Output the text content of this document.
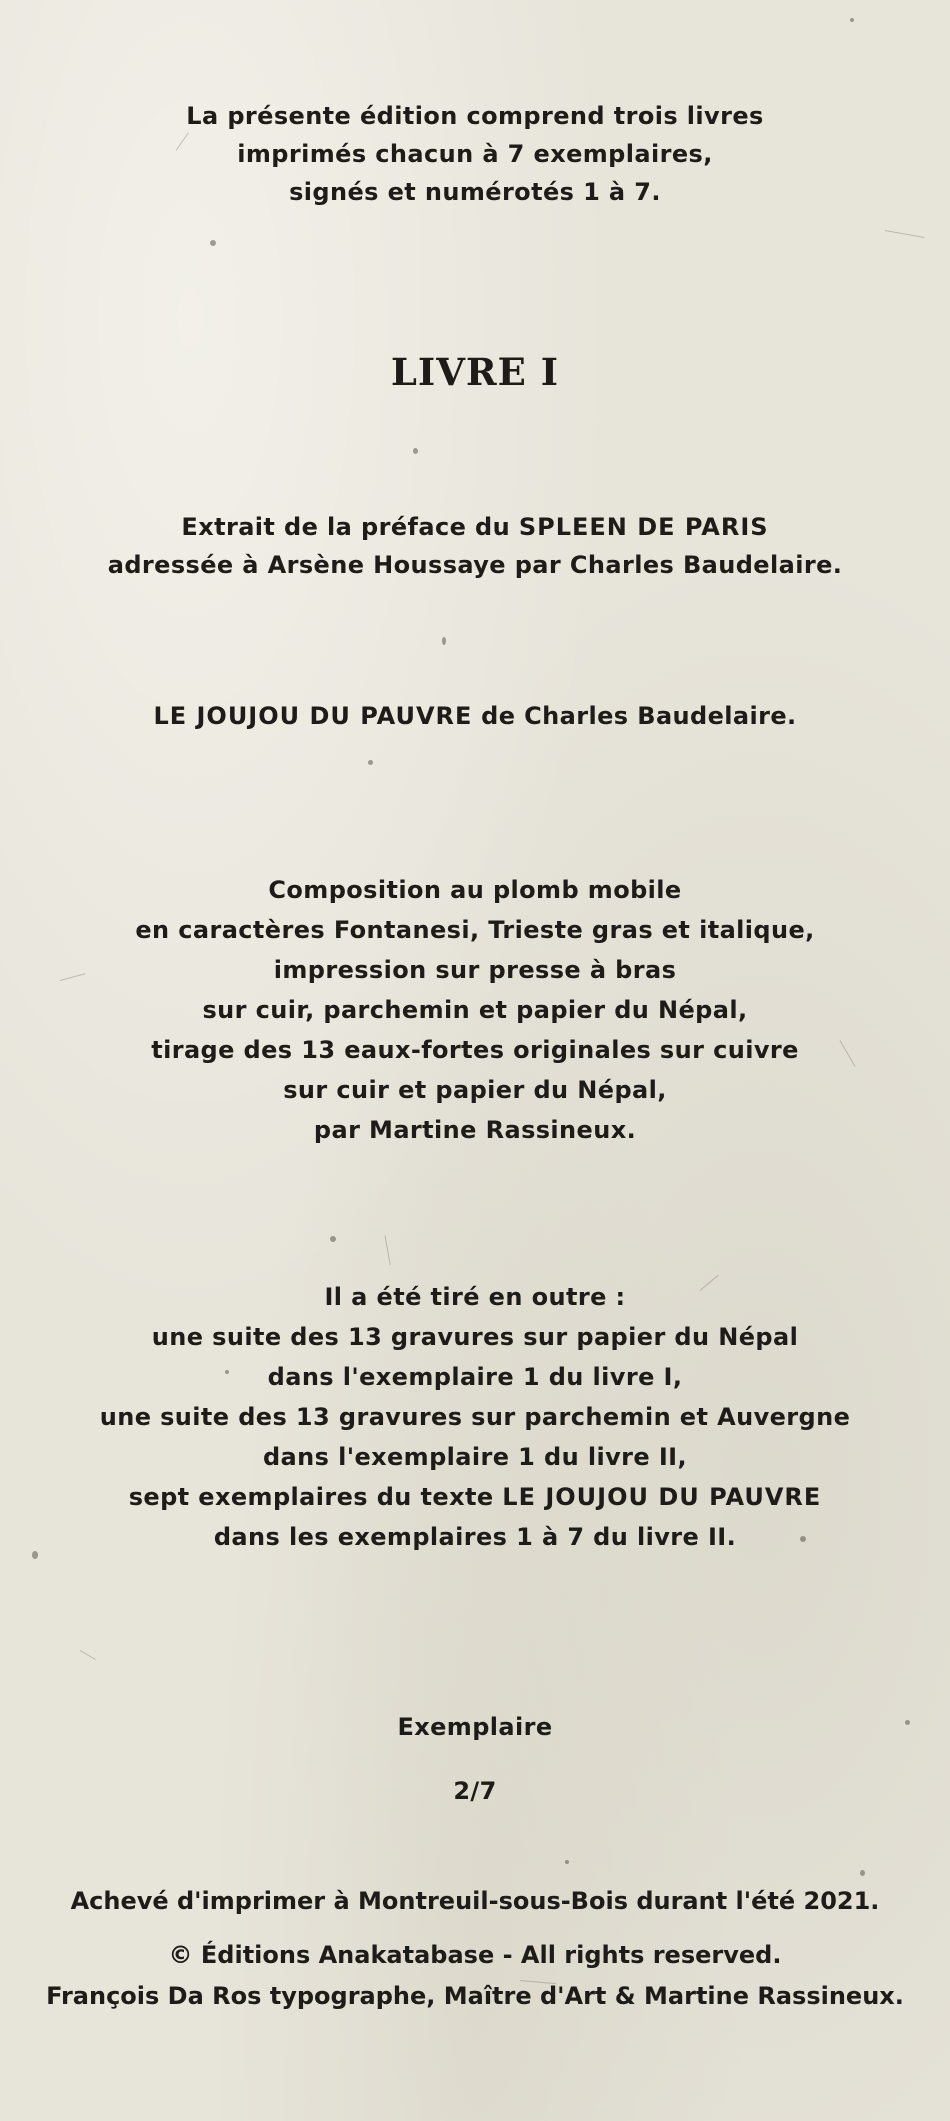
La présente édition comprend trois livres
imprimés chacun à 7 exemplaires,
signés et numérotés 1 à 7.
LIVRE I
Extrait de la préface du SPLEEN DE PARIS
adressée à Arsène Houssaye par Charles Baudelaire.
LE JOUJOU DU PAUVRE de Charles Baudelaire.
Composition au plomb mobile
en caractères Fontanesi, Trieste gras et italique,
impression sur presse à bras
sur cuir, parchemin et papier du Népal,
tirage des 13 eaux-fortes originales sur cuivre
sur cuir et papier du Népal,
par Martine Rassineux.
Il a été tiré en outre :
une suite des 13 gravures sur papier du Népal
dans l'exemplaire 1 du livre I,
une suite des 13 gravures sur parchemin et Auvergne
dans l'exemplaire 1 du livre II,
sept exemplaires du texte LE JOUJOU DU PAUVRE
dans les exemplaires 1 à 7 du livre II.
Exemplaire
2/7
Achevé d'imprimer à Montreuil-sous-Bois durant l'été 2021.
© Éditions Anakatabase - All rights reserved.
François Da Ros typographe, Maître d'Art & Martine Rassineux.
